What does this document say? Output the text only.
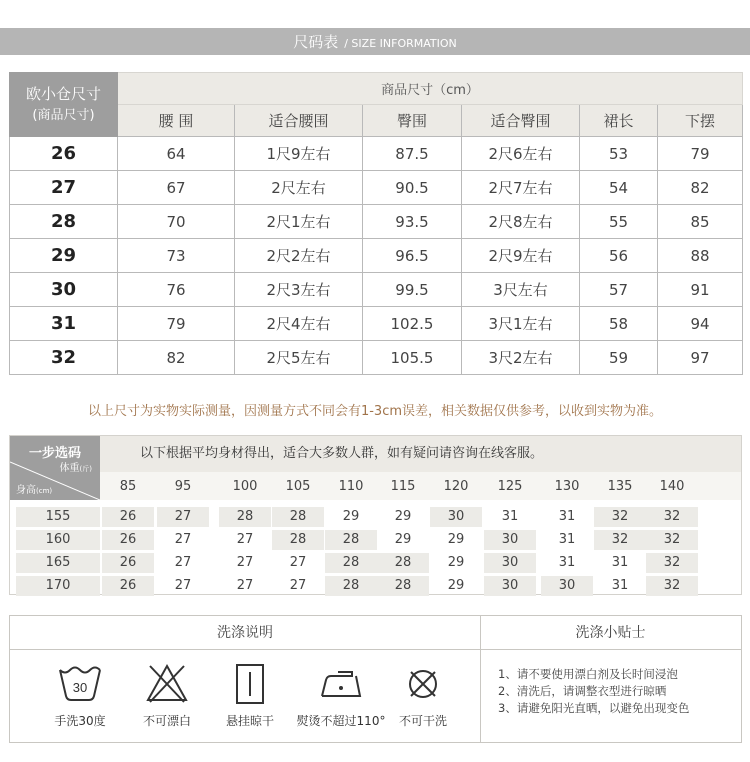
尺码表 / SIZE INFORMATION
欧小仓尺寸
(商品尺寸)	商品尺寸（cm）					
	腰 围	适合腰围	臀围	适合臀围	裙长	下摆
26	64	1尺9左右	87.5	2尺6左右	53	79
27	67	2尺左右	90.5	2尺7左右	54	82
28	70	2尺1左右	93.5	2尺8左右	55	85
29	73	2尺2左右	96.5	2尺9左右	56	88
30	76	2尺3左右	99.5	3尺左右	57	91
31	79	2尺4左右	102.5	3尺1左右	58	94
32	82	2尺5左右	105.5	3尺2左右	59	97
以上尺寸为实物实际测量，因测量方式不同会有1-3cm误差，相关数据仅供参考，以收到实物为准。
一步选码
体重(斤)
身高(cm)
以下根据平均身材得出，适合大多数人群，如有疑问请咨询在线客服。
85	95	100	105	110	115	120	125	130	135	140
155	26	27	28	28	29	29	30	31	31	32	32
160	26	27	27	28	28	29	29	30	31	32	32
165	26	27	27	27	28	28	29	30	31	31	32
170	26	27	27	27	28	28	29	30	30	31	32
洗涤说明	洗涤小贴士
30
手洗30度	不可漂白	悬挂晾干	熨烫不超过110°	不可干洗
1、请不要使用漂白剂及长时间浸泡
2、清洗后，请调整衣型进行晾晒
3、请避免阳光直晒，以避免出现变色
